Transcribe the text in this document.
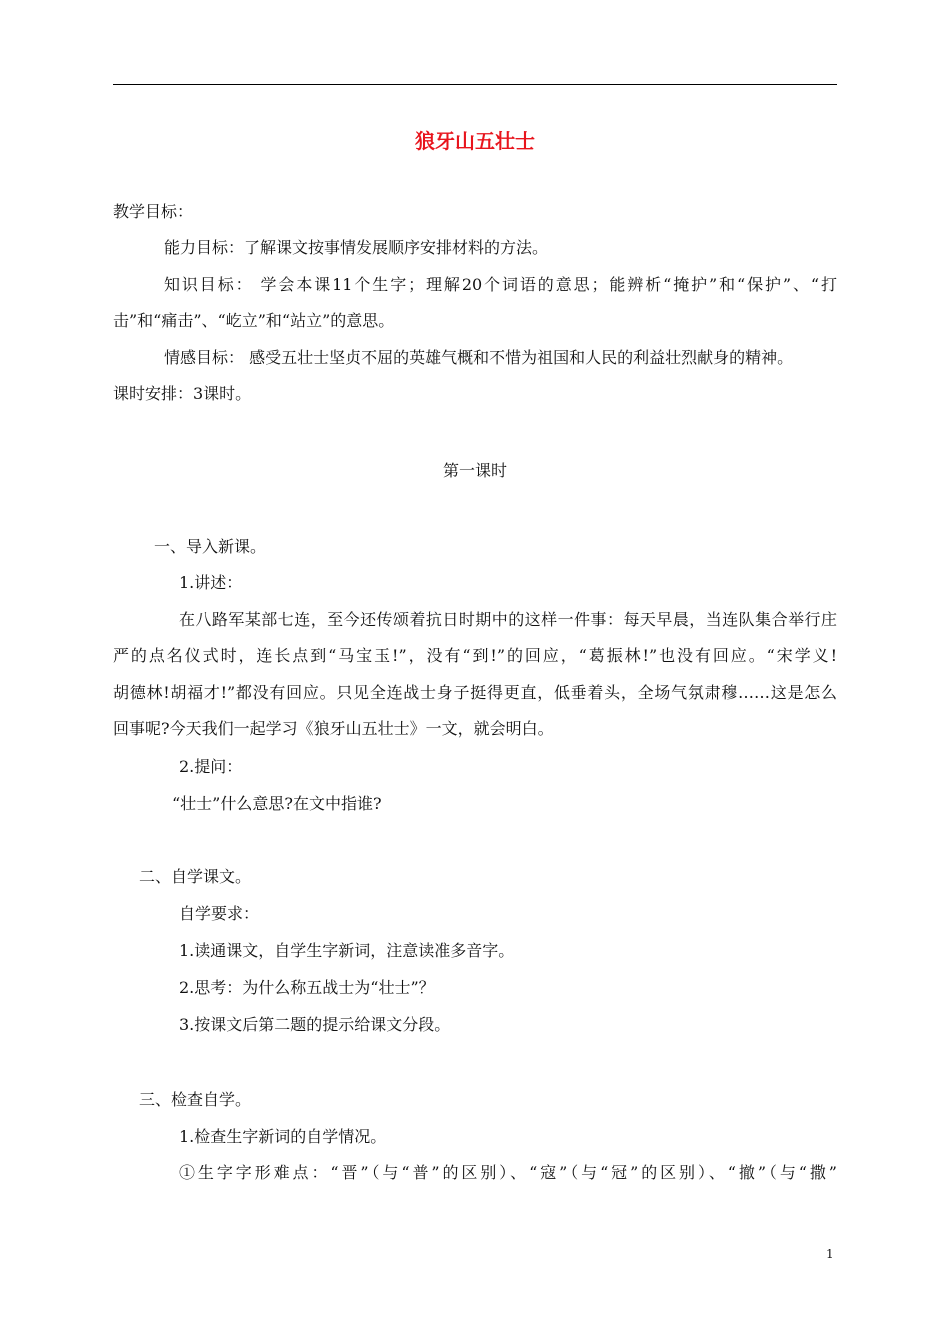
狼牙山五壮士
教学目标：
能力目标：了解课文按事情发展顺序安排材料的方法。
知识目标： 学会本课11个生字；理解20个词语的意思；能辨析“掩护”和“保护”、“打
击”和“痛击”、“屹立”和“站立”的意思。
情感目标： 感受五壮士坚贞不屈的英雄气概和不惜为祖国和人民的利益壮烈献身的精神。
课时安排：3课时。
第一课时
一、导入新课。
1.讲述：
在八路军某部七连，至今还传颂着抗日时期中的这样一件事：每天早晨，当连队集合举行庄
严的点名仪式时，连长点到“马宝玉!”，没有“到!”的回应，“葛振林!”也没有回应。“宋学义!
胡德林!胡福才!”都没有回应。只见全连战士身子挺得更直，低垂着头，全场气氛肃穆……这是怎么
回事呢?今天我们一起学习《狼牙山五壮士》一文，就会明白。
2.提问：
“壮士”什么意思?在文中指谁?
二、自学课文。
自学要求：
1.读通课文，自学生字新词，注意读准多音字。
2.思考：为什么称五战士为“壮士”？
3.按课文后第二题的提示给课文分段。
三、检查自学。
1.检查生字新词的自学情况。
①生字字形难点：“晋”（与“普”的区别）、“寇”（与“冠”的区别）、“撤”（与“撒”
1
